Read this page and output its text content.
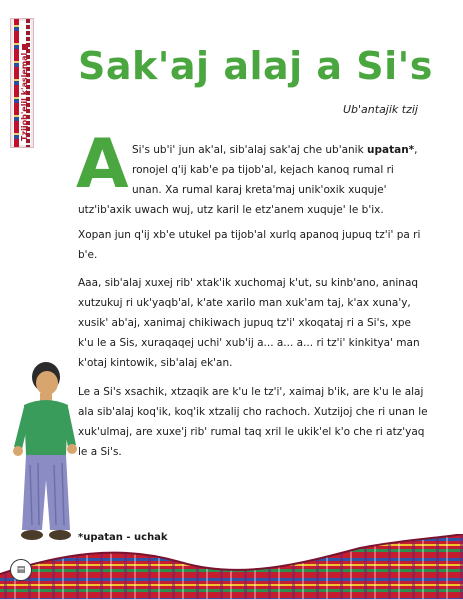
Tzijob'elil k'aslemal Sak'aj alaj a Si's
Ub'antajik tzij
A Si's ub'i' jun ak'al, sib'alaj sak'aj che ub'anik upatan*, ronojel q'ij kab'e pa tijob'al, kejach kanoq rumal ri unan. Xa rumal karaj kreta'maj unik'oxik xuquje'
utz'ib'axik uwach wuj, utz karil le etz'anem xuquje' le b'ix.
Xopan jun q'ij xb'e utukel pa tijob'al xurlq apanoq jupuq tz'i' pa ri b'e.
Aaa, sib'alaj xuxej rib' xtak'ik xuchomaj k'ut, su kinb'ano, aninaq xutzukuj ri uk'yaqb'al, k'ate xarilo man xuk'am taj, k'ax xuna'y, xusik' ab'aj, xanimaj chikiwach jupuq tz'i' xkoqataj ri a Si's, xpe k'u le a Sis, xuraqaqej uchi' xub'ij a... a... a... ri tz'i' kinkitya' man k'otaj kintowik, sib'alaj ek'an.
Le a Si's xsachik, xtzaqik are k'u le tz'i', xaimaj b'ik, are k'u le alaj ala sib'alaj koq'ik, koq'ik xtzalij cho rachoch. Xutzijoj che ri unan le xuk'ulmaj, are xuxe'j rib' rumal taq xril le ukik'el k'o che ri atz'yaq le a Si's.
*upatan - uchak
▤
